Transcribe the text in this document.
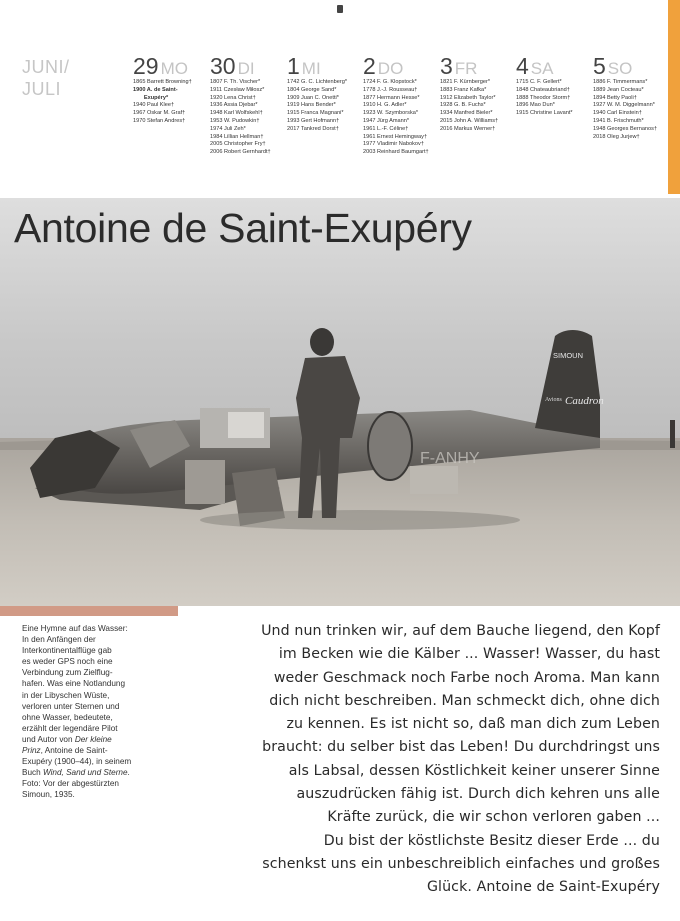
JUNI/
JULI
29 MO
1865 Barrett Browning†
1900 A. de Saint-
Exupéry*
1940 Paul Klee†
1967 Oskar M. Graf†
1970 Stefan Andres†
30 DI
1807 F. Th. Vischer*
1911 Czesław Miłosz*
1920 Lena Christ†
1936 Assia Djebar*
1948 Karl Wolfskehl†
1953 W. Pudowkin†
1974 Juli Zeh*
1984 Lillian Hellman†
2005 Christopher Fry†
2006 Robert Gernhardt†
1 MI
1742 G. C. Lichtenberg*
1804 George Sand*
1909 Juan C. Onetti*
1919 Hans Bender*
1915 Franca Magnani*
1993 Gert Hofmann†
2017 Tankred Dorst†
2 DO
1724 F. G. Klopstock*
1778 J.-J. Rousseau†
1877 Hermann Hesse*
1910 H. G. Adler*
1923 W. Szymborska*
1947 Jürg Amann*
1961 L.-F. Céline†
1961 Ernest Hemingway†
1977 Vladimir Nabokov†
2003 Reinhard Baumgart†
3 FR
1821 F. Kürnberger*
1883 Franz Kafka*
1912 Elizabeth Taylor*
1928 G. B. Fuchs*
1934 Manfred Bieler*
2015 John A. Williams†
2016 Markus Werner†
4 SA
1715 C. F. Gellert*
1848 Chateaubriand†
1888 Theodor Storm†
1896 Mao Dun*
1915 Christine Lavant*
5 SO
1886 F. Timmermans*
1889 Jean Cocteau*
1894 Betty Paoli†
1927 W. M. Diggelmann*
1940 Carl Einstein†
1941 B. Frischmuth*
1948 Georges Bernanos†
2018 Oleg Jurjew†
SIMOUN
Avions Caudron
F-ANHY
Antoine de Saint-Exupéry
Eine Hymne auf das Wasser:
In den Anfängen der
Interkontinentalflüge gab
es weder GPS noch eine
Verbindung zum Zielflug-
hafen. Was eine Notlandung
in der Libyschen Wüste,
verloren unter Sternen und
ohne Wasser, bedeutete,
erzählt der legendäre Pilot
und Autor von Der kleine
Prinz, Antoine de Saint-
Exupéry (1900–44), in seinem
Buch Wind, Sand und Sterne.
Foto: Vor der abgestürzten
Simoun, 1935.
Und nun trinken wir, auf dem Bauche liegend, den Kopf
im Becken wie die Kälber ... Wasser! Wasser, du hast
weder Geschmack noch Farbe noch Aroma. Man kann
dich nicht beschreiben. Man schmeckt dich, ohne dich
zu kennen. Es ist nicht so, daß man dich zum Leben
braucht: du selber bist das Leben! Du durchdringst uns
als Labsal, dessen Köstlichkeit keiner unserer Sinne
auszudrücken fähig ist. Durch dich kehren uns alle
Kräfte zurück, die wir schon verloren gaben ...
Du bist der köstlichste Besitz dieser Erde ... du
schenkst uns ein unbeschreiblich einfaches und großes
Glück. Antoine de Saint-Exupéry
